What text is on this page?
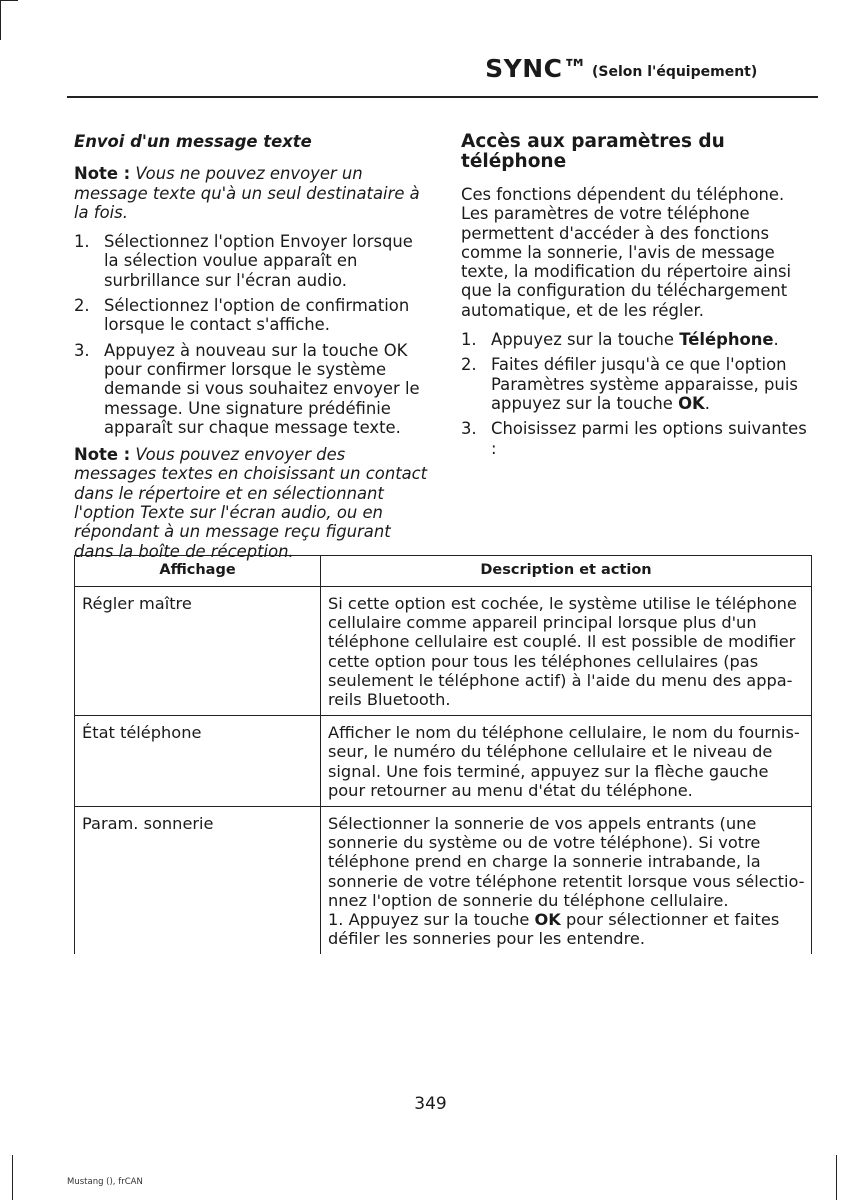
SYNC™ (Selon l'équipement)

Envoi d'un message texte

Note : Vous ne pouvez envoyer un message texte qu'à un seul destinataire à la fois.

1. Sélectionnez l'option Envoyer lorsque la sélection voulue apparaît en surbrillance sur l'écran audio.
2. Sélectionnez l'option de confirmation lorsque le contact s'affiche.
3. Appuyez à nouveau sur la touche OK pour confirmer lorsque le système demande si vous souhaitez envoyer le message. Une signature prédéfinie apparaît sur chaque message texte.

Note : Vous pouvez envoyer des messages textes en choisissant un contact dans le répertoire et en sélectionnant l'option Texte sur l'écran audio, ou en répondant à un message reçu figurant dans la boîte de réception.

Accès aux paramètres du téléphone

Ces fonctions dépendent du téléphone. Les paramètres de votre téléphone permettent d'accéder à des fonctions comme la sonnerie, l'avis de message texte, la modification du répertoire ainsi que la configuration du téléchargement automatique, et de les régler.

1. Appuyez sur la touche Téléphone.
2. Faites défiler jusqu'à ce que l'option Paramètres système apparaisse, puis appuyez sur la touche OK.
3. Choisissez parmi les options suivantes :
Affichage	Description et action
Régler maître	Si cette option est cochée, le système utilise le téléphone cellulaire comme appareil principal lorsque plus d'un téléphone cellulaire est couplé. Il est possible de modifier cette option pour tous les téléphones cellulaires (pas seulement le téléphone actif) à l'aide du menu des appa-reils Bluetooth.
État téléphone	Afficher le nom du téléphone cellulaire, le nom du fournis-seur, le numéro du téléphone cellulaire et le niveau de signal. Une fois terminé, appuyez sur la flèche gauche pour retourner au menu d'état du téléphone.
Param. sonnerie	Sélectionner la sonnerie de vos appels entrants (une sonnerie du système ou de votre téléphone). Si votre téléphone prend en charge la sonnerie intrabande, la sonnerie de votre téléphone retentit lorsque vous sélectio-nnez l'option de sonnerie du téléphone cellulaire.
1. Appuyez sur la touche OK pour sélectionner et faites défiler les sonneries pour les entendre.
349
Mustang (), frCAN
